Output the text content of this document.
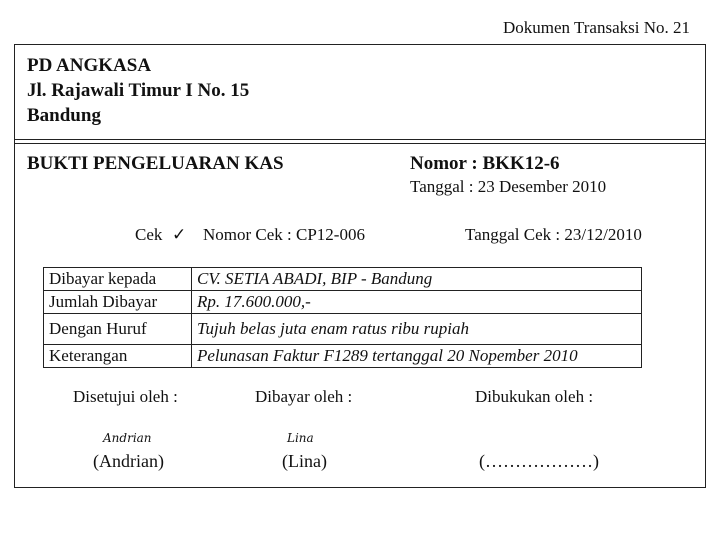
Dokumen Transaksi No. 21
PD ANGKASA
Jl. Rajawali Timur I No. 15
Bandung
BUKTI PENGELUARAN KAS	Nomor : BKK12-6
Tanggal : 23 Desember 2010
Cek ✓ Nomor Cek : CP12-006	Tanggal Cek : 23/12/2010
Dibayar kepada	CV. SETIA ABADI, BIP - Bandung
Jumlah Dibayar	Rp. 17.600.000,-
Dengan Huruf	Tujuh belas juta enam ratus ribu rupiah
Keterangan	Pelunasan Faktur F1289 tertanggal 20 Nopember 2010
Disetujui oleh :	Dibayar oleh :	Dibukukan oleh :
Andrian	Lina
(Andrian)	(Lina)	(………………)
